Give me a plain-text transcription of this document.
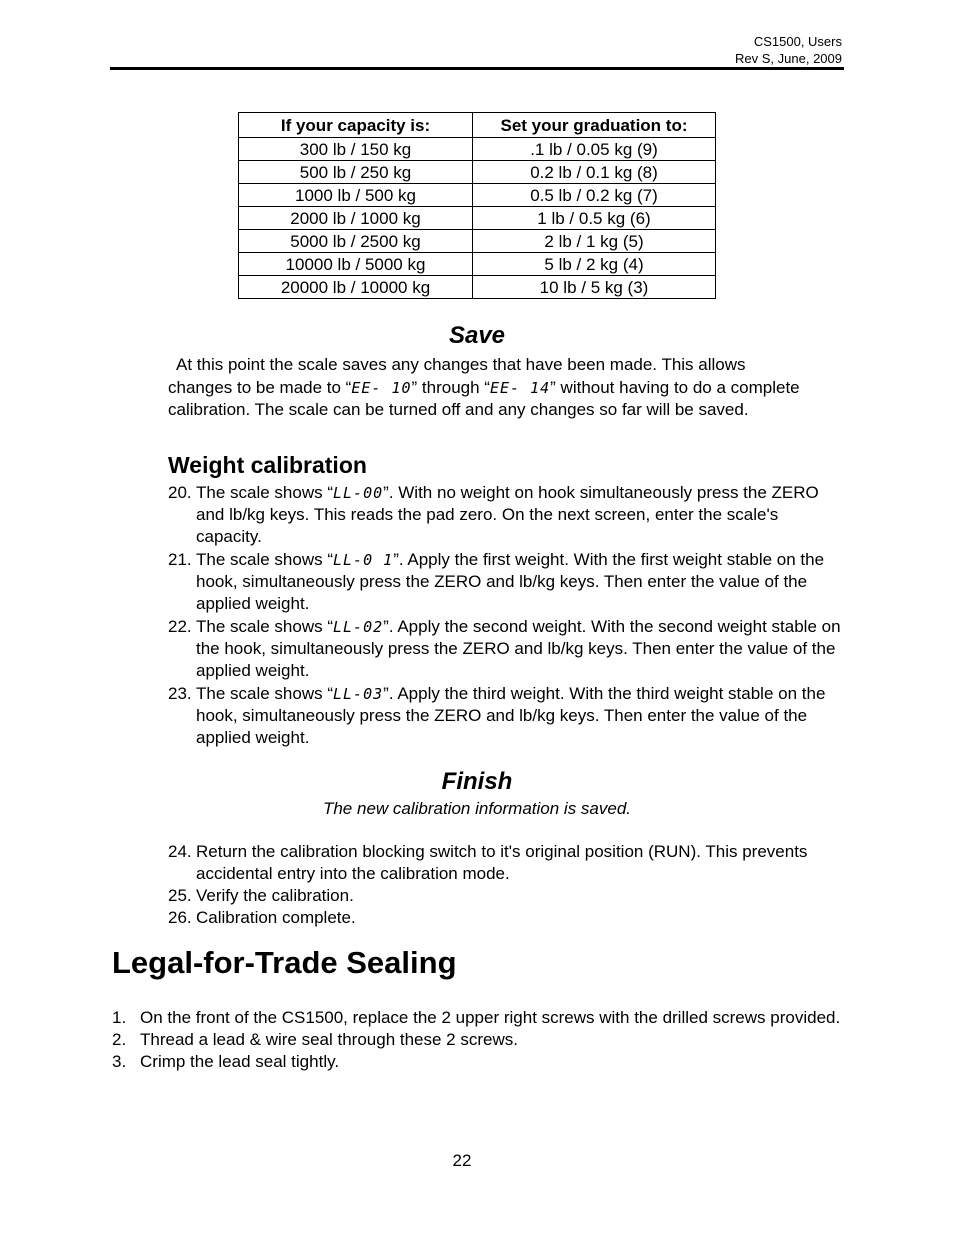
CS1500, Users
Rev S, June, 2009
If your capacity is:	Set your graduation to:
300 lb / 150 kg	.1 lb / 0.05 kg (9)
500 lb / 250 kg	0.2 lb / 0.1 kg (8)
1000 lb / 500 kg	0.5 lb / 0.2 kg (7)
2000 lb / 1000 kg	1 lb / 0.5 kg (6)
5000 lb / 2500 kg	2 lb / 1 kg (5)
10000 lb / 5000 kg	5 lb / 2 kg (4)
20000 lb / 10000 kg	10 lb / 5 kg (3)
Save
At this point the scale saves any changes that have been made. This allows
changes to be made to “EE- 10” through “EE- 14” without having to do a complete
calibration. The scale can be turned off and any changes so far will be saved.
Weight calibration
20. The scale shows “LL-00”. With no weight on hook simultaneously press the ZERO and lb/kg keys. This reads the pad zero. On the next screen, enter the scale's capacity.
21. The scale shows “LL-0 1”. Apply the first weight. With the first weight stable on the hook, simultaneously press the ZERO and lb/kg keys. Then enter the value of the applied weight.
22. The scale shows “LL-02”. Apply the second weight. With the second weight stable on the hook, simultaneously press the ZERO and lb/kg keys. Then enter the value of the applied weight.
23. The scale shows “LL-03”. Apply the third weight. With the third weight stable on the hook, simultaneously press the ZERO and lb/kg keys. Then enter the value of the applied weight.
Finish
The new calibration information is saved.
24. Return the calibration blocking switch to it's original position (RUN). This prevents accidental entry into the calibration mode.
25. Verify the calibration.
26. Calibration complete.
Legal-for-Trade Sealing
1. On the front of the CS1500, replace the 2 upper right screws with the drilled screws provided.
2. Thread a lead & wire seal through these 2 screws.
3. Crimp the lead seal tightly.
22
